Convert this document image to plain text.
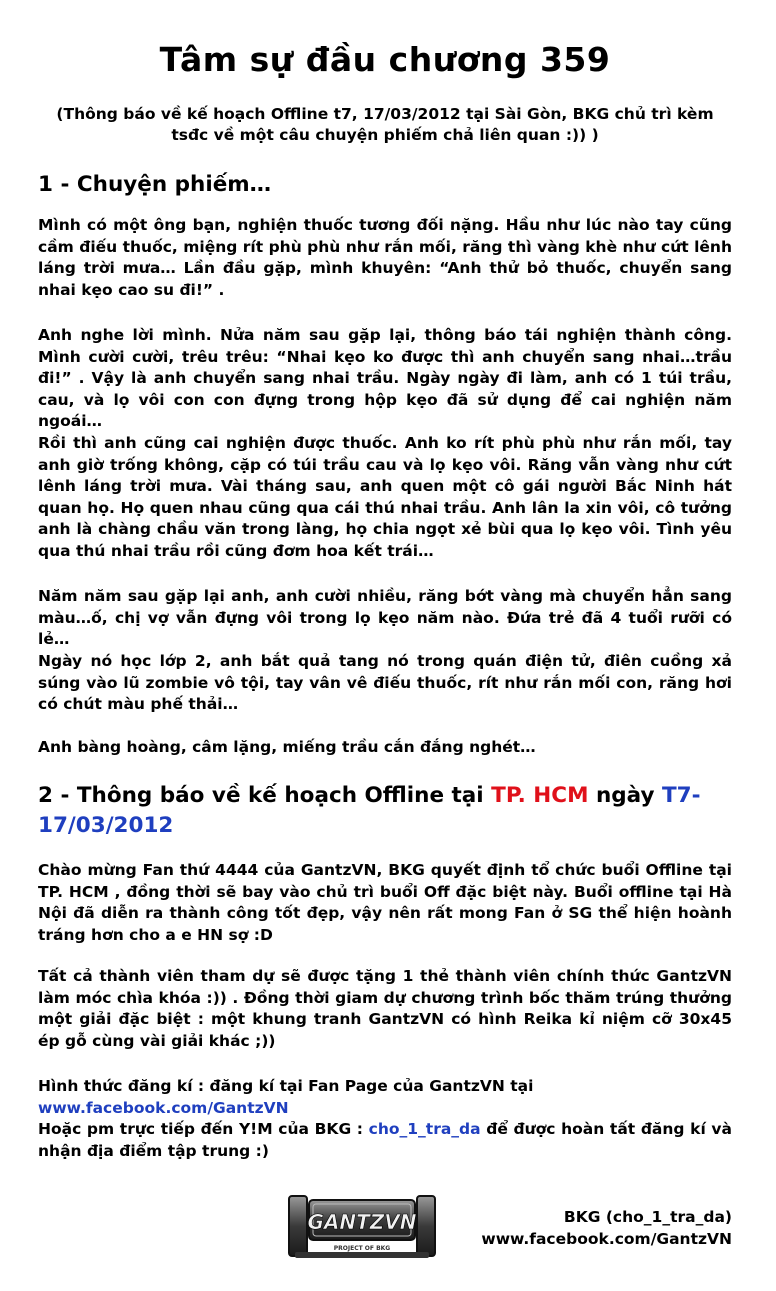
Tâm sự đầu chương 359
(Thông báo về kế hoạch Offline t7, 17/03/2012 tại Sài Gòn, BKG chủ trì kèm tsđc về một câu chuyện phiếm chả liên quan :)) )
1 - Chuyện phiếm…
Mình có một ông bạn, nghiện thuốc tương đối nặng. Hầu như lúc nào tay cũng cầm điếu thuốc, miệng rít phù phù như rắn mối, răng thì vàng khè như cứt lênh láng trời mưa… Lần đầu gặp, mình khuyên: “Anh thử bỏ thuốc, chuyển sang nhai kẹo cao su đi!” .
Anh nghe lời mình. Nửa năm sau gặp lại, thông báo tái nghiện thành công. Mình cười cười, trêu trêu: “Nhai kẹo ko được thì anh chuyển sang nhai…trầu đi!” . Vậy là anh chuyển sang nhai trầu. Ngày ngày đi làm, anh có 1 túi trầu, cau, và lọ vôi con con đựng trong hộp kẹo đã sử dụng để cai nghiện năm ngoái…
Rồi thì anh cũng cai nghiện được thuốc. Anh ko rít phù phù như rắn mối, tay anh giờ trống không, cặp có túi trầu cau và lọ kẹo vôi. Răng vẫn vàng như cứt lênh láng trời mưa. Vài tháng sau, anh quen một cô gái người Bắc Ninh hát quan họ. Họ quen nhau cũng qua cái thú nhai trầu. Anh lân la xin vôi, cô tưởng anh là chàng chầu văn trong làng, họ chia ngọt xẻ bùi qua lọ kẹo vôi. Tình yêu qua thú nhai trầu rồi cũng đơm hoa kết trái…
Năm năm sau gặp lại anh, anh cười nhiều, răng bớt vàng mà chuyển hẳn sang màu…ố, chị vợ vẫn đựng vôi trong lọ kẹo năm nào. Đứa trẻ đã 4 tuổi rưỡi có lẻ…
Ngày nó học lớp 2, anh bắt quả tang nó trong quán điện tử, điên cuồng xả súng vào lũ zombie vô tội, tay vân vê điếu thuốc, rít như rắn mối con, răng hơi có chút màu phế thải…
Anh bàng hoàng, câm lặng, miếng trầu cắn đắng nghét…
2 - Thông báo về kế hoạch Offline tại TP. HCM ngày T7-17/03/2012
Chào mừng Fan thứ 4444 của GantzVN, BKG quyết định tổ chức buổi Offline tại TP. HCM , đồng thời sẽ bay vào chủ trì buổi Off đặc biệt này. Buổi offline tại Hà Nội đã diễn ra thành công tốt đẹp, vậy nên rất mong Fan ở SG thể hiện hoành tráng hơn cho a e HN sợ :D
Tất cả thành viên tham dự sẽ được tặng 1 thẻ thành viên chính thức GantzVN làm móc chìa khóa :)) . Đồng thời giam dự chương trình bốc thăm trúng thưởng một giải đặc biệt : một khung tranh GantzVN có hình Reika kỉ niệm cỡ 30x45 ép gỗ cùng vài giải khác ;))
Hình thức đăng kí : đăng kí tại Fan Page của GantzVN tại
www.facebook.com/GantzVN
Hoặc pm trực tiếp đến Y!M của BKG : cho_1_tra_da để được hoàn tất đăng kí và nhận địa điểm tập trung :)
GANTZVN
PROJECT OF BKG
BKG (cho_1_tra_da)
www.facebook.com/GantzVN
